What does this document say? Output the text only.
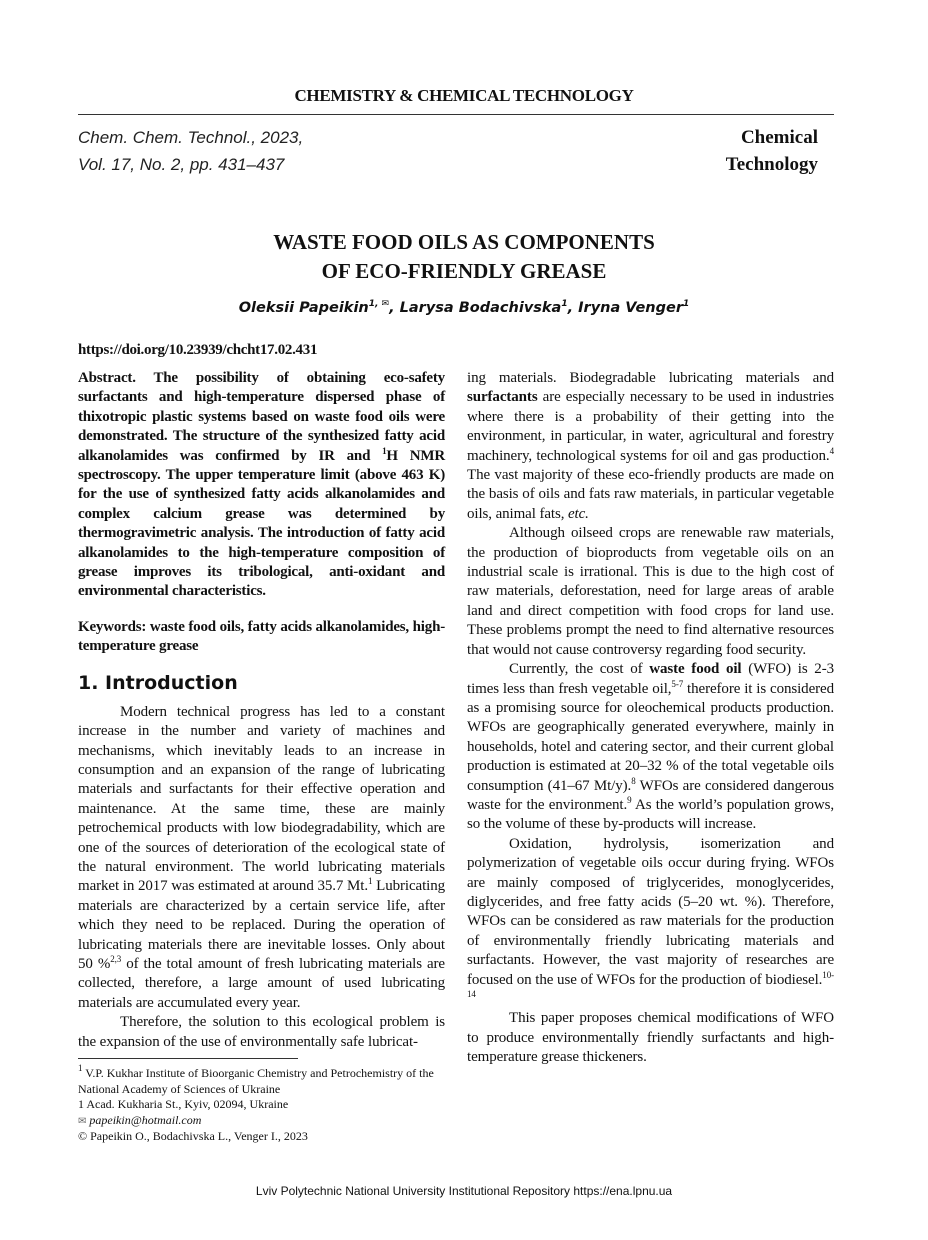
CHEMISTRY & CHEMICAL TECHNOLOGY
Chem. Chem. Technol., 2023,
Vol. 17, No. 2, pp. 431–437
Chemical
Technology
WASTE FOOD OILS AS COMPONENTS
OF ECO-FRIENDLY GREASE
Oleksii Papeikin$^{1, ✉}$, Larysa Bodachivska$^1$, Iryna Venger$^1$
https://doi.org/10.23939/chcht17.02.431

Abstract. The possibility of obtaining eco-safety surfactants and high-temperature dispersed phase of thixotropic plastic systems based on waste food oils were demonstrated. The structure of the synthesized fatty acid alkanolamides was confirmed by IR and $^1$H NMR spectroscopy. The upper temperature limit (above 463 K) for the use of synthesized fatty acids alkanolamides and complex calcium grease was determined by thermogravimetric analysis. The introduction of fatty acid alkanolamides to the high-temperature composition of grease improves its tribological, anti-oxidant and environmental characteristics.

Keywords: waste food oils, fatty acids alkanolamides, high-temperature grease

1. Introduction

Modern technical progress has led to a constant increase in the number and variety of machines and mechanisms, which inevitably leads to an increase in consumption and an expansion of the range of lubricating materials and surfactants for their effective operation and maintenance. At the same time, these are mainly petrochemical products with low biodegradability, which are one of the sources of deterioration of the ecological state of the natural environment. The world lubricating materials market in 2017 was estimated at around 35.7 Mt.$^1$ Lubricating materials are characterized by a certain service life, after which they need to be replaced. During the operation of lubricating materials there are inevitable losses. Only about 50 %$^{2,3}$ of the total amount of fresh lubricating materials are collected, therefore, a large amount of used lubricating materials are accumulated every year.

Therefore, the solution to this ecological problem is the expansion of the use of environmentally safe lubricat-

$^1$ V.P. Kukhar Institute of Bioorganic Chemistry and Petrochemistry of the National Academy of Sciences of Ukraine
1 Acad. Kukharia St., Kyiv, 02094, Ukraine
✉ papeikin@hotmail.com
© Papeikin O., Bodachivska L., Venger I., 2023

ing materials. Biodegradable lubricating materials and surfactants are especially necessary to be used in industries where there is a probability of their getting into the environment, in particular, in water, agricultural and forestry machinery, technological systems for oil and gas production.$^4$ The vast majority of these eco-friendly products are made on the basis of oils and fats raw materials, in particular vegetable oils, animal fats, etc.

Although oilseed crops are renewable raw materials, the production of bioproducts from vegetable oils on an industrial scale is irrational. This is due to the high cost of raw materials, deforestation, need for large areas of arable land and direct competition with food crops for land use. These problems prompt the need to find alternative resources that would not cause controversy regarding food security.

Currently, the cost of waste food oil (WFO) is 2-3 times less than fresh vegetable oil,$^{5-7}$ therefore it is considered as a promising source for oleochemical products production. WFOs are geographically generated everywhere, mainly in households, hotel and catering sector, and their current global production is estimated at 20–32 % of the total vegetable oils consumption (41–67 Mt/y).$^8$ WFOs are considered dangerous waste for the environment.$^9$ As the world’s population grows, so the volume of these by-products will increase.

Oxidation, hydrolysis, isomerization and polymerization of vegetable oils occur during frying. WFOs are mainly composed of triglycerides, monoglycerides, diglycerides, and free fatty acids (5–20 wt. %). Therefore, WFOs can be considered as raw materials for the production of environmentally friendly lubricating materials and surfactants. However, the vast majority of researches are focused on the use of WFOs for the production of biodiesel.$^{10-14}$

This paper proposes chemical modifications of WFO to produce environmentally friendly surfactants and high-temperature grease thickeners.

Lviv Polytechnic National University Institutional Repository https://ena.lpnu.ua
